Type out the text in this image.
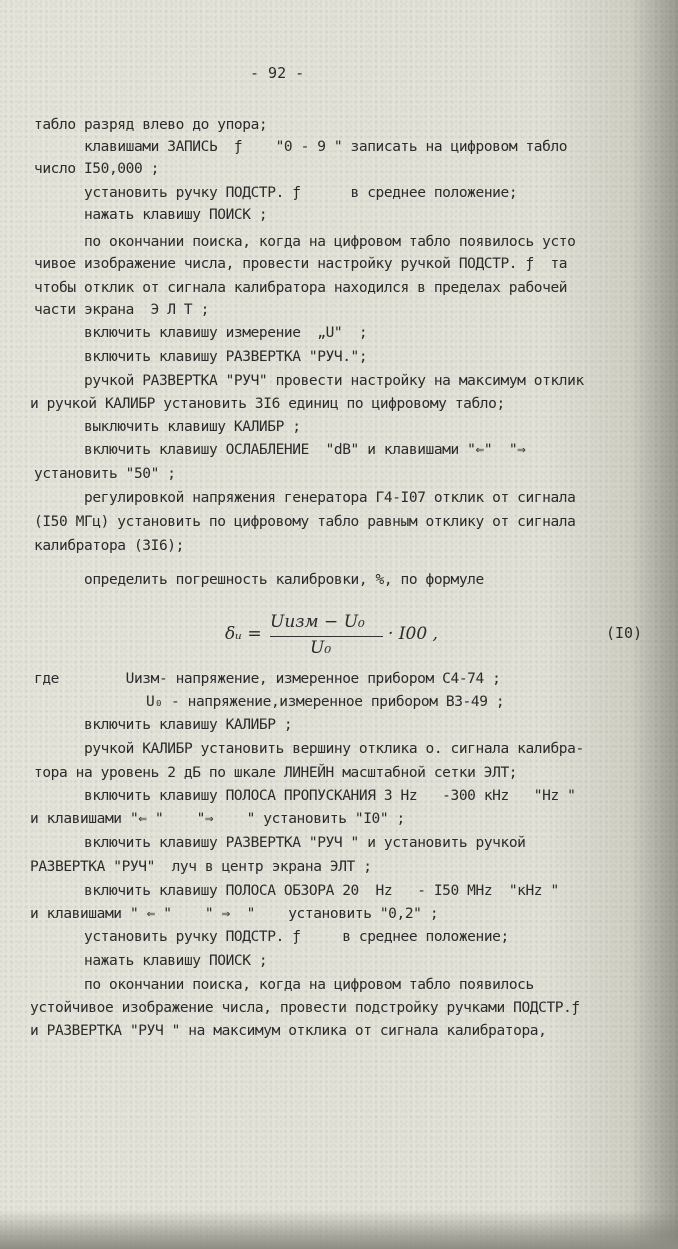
- 92 -
табло разряд влево до упора;
клавишами ЗАПИСЬ  ƒ    "0 - 9 " записать на цифровом табло
число I50,000 ;
установить ручку ПОДСТР. ƒ      в среднее положение;
нажать клавишу ПОИСК ;
по окончании поиска, когда на цифровом табло появилось усто
чивое изображение числа, провести настройку ручкой ПОДСТР. ƒ  та
чтобы отклик от сигнала калибратора находился в пределах рабочей
части экрана  Э Л Т ;
включить клавишу измерение  „U"  ;
включить клавишу РАЗВЕРТКА "РУЧ.";
ручкой РАЗВЕРТКА "РУЧ" провести настройку на максимум отклик
и ручкой КАЛИБР установить 3I6 единиц по цифровому табло;
выключить клавишу КАЛИБР ;
включить клавишу ОСЛАБЛЕНИЕ  "dB" и клавишами "⇐"  "⇒
установить "50" ;
регулировкой напряжения генератора Г4-I07 отклик от сигнала
(I50 МГц) установить по цифровому табло равным отклику от сигнала
калибратора (3I6);
определить погрешность калибровки, %, по формуле
δᵤ =
Uизм − U₀
U₀
· I00 ,	(I0)
где        Uизм- напряжение, измеренное прибором С4-74 ;
U₀ - напряжение,измеренное прибором В3-49 ;
включить клавишу КАЛИБР ;
ручкой КАЛИБР установить вершину отклика о. сигнала калибра-
тора на уровень 2 дБ по шкале ЛИНЕЙН масштабной сетки ЭЛТ;
включить клавишу ПОЛОСА ПРОПУСКАНИЯ 3 Hz   -300 кHz   "Hz "
и клавишами "⇐ "    "⇒    " установить "I0" ;
включить клавишу РАЗВЕРТКА "РУЧ " и установить ручкой
РАЗВЕРТКА "РУЧ"  луч в центр экрана ЭЛТ ;
включить клавишу ПОЛОСА ОБЗОРА 20  Hz   - I50 MHz  "кHz "
и клавишами " ⇐ "    " ⇒  "    установить "0,2" ;
установить ручку ПОДСТР. ƒ     в среднее положение;
нажать клавишу ПОИСК ;
по окончании поиска, когда на цифровом табло появилось
устойчивое изображение числа, провести подстройку ручками ПОДСТР.ƒ
и РАЗВЕРТКА "РУЧ " на максимум отклика от сигнала калибратора,
